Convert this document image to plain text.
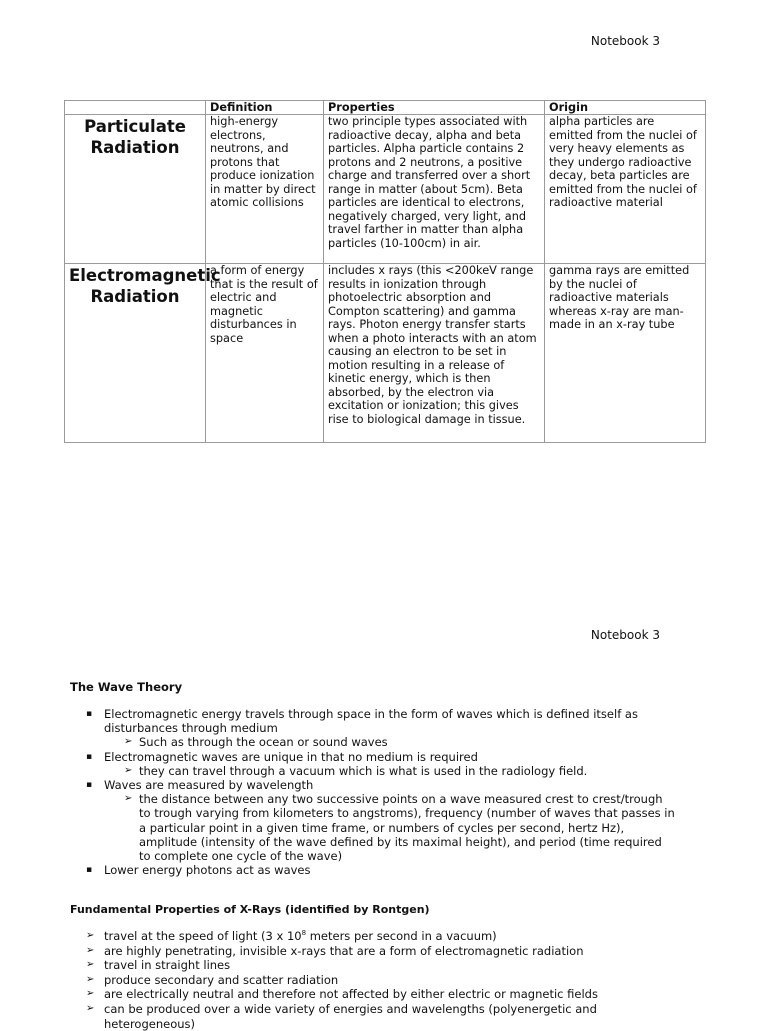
Notebook 3
	Definition	Properties	Origin
Particulate Radiation	high-energy electrons, neutrons, and protons that produce ionization in matter by direct atomic collisions	two principle types associated with radioactive decay, alpha and beta particles. Alpha particle contains 2 protons and 2 neutrons, a positive charge and transferred over a short range in matter (about 5cm). Beta particles are identical to electrons, negatively charged, very light, and travel farther in matter than alpha particles (10-100cm) in air.	alpha particles are emitted from the nuclei of very heavy elements as they undergo radioactive decay, beta particles are emitted from the nuclei of radioactive material
Electromagnetic Radiation	a form of energy that is the result of electric and magnetic disturbances in space	includes x rays (this <200keV range results in ionization through photoelectric absorption and Compton scattering) and gamma rays. Photon energy transfer starts when a photo interacts with an atom causing an electron to be set in motion resulting in a release of kinetic energy, which is then absorbed, by the electron via excitation or ionization; this gives rise to biological damage in tissue.	gamma rays are emitted by the nuclei of radioactive materials whereas x-ray are man-made in an x-ray tube
Notebook 3
The Wave Theory
▪ Electromagnetic energy travels through space in the form of waves which is defined itself as disturbances through medium
➢ Such as through the ocean or sound waves
▪ Electromagnetic waves are unique in that no medium is required
➢ they can travel through a vacuum which is what is used in the radiology field.
▪ Waves are measured by wavelength
➢ the distance between any two successive points on a wave measured crest to crest/trough to trough varying from kilometers to angstroms), frequency (number of waves that passes in a particular point in a given time frame, or numbers of cycles per second, hertz Hz), amplitude (intensity of the wave defined by its maximal height), and period (time required to complete one cycle of the wave)
▪ Lower energy photons act as waves
Fundamental Properties of X-Rays (identified by Rontgen)
➢ travel at the speed of light (3 x $10^8$ meters per second in a vacuum)
➢ are highly penetrating, invisible x-rays that are a form of electromagnetic radiation
➢ travel in straight lines
➢ produce secondary and scatter radiation
➢ are electrically neutral and therefore not affected by either electric or magnetic fields
➢ can be produced over a wide variety of energies and wavelengths (polyenergetic and heterogeneous)
